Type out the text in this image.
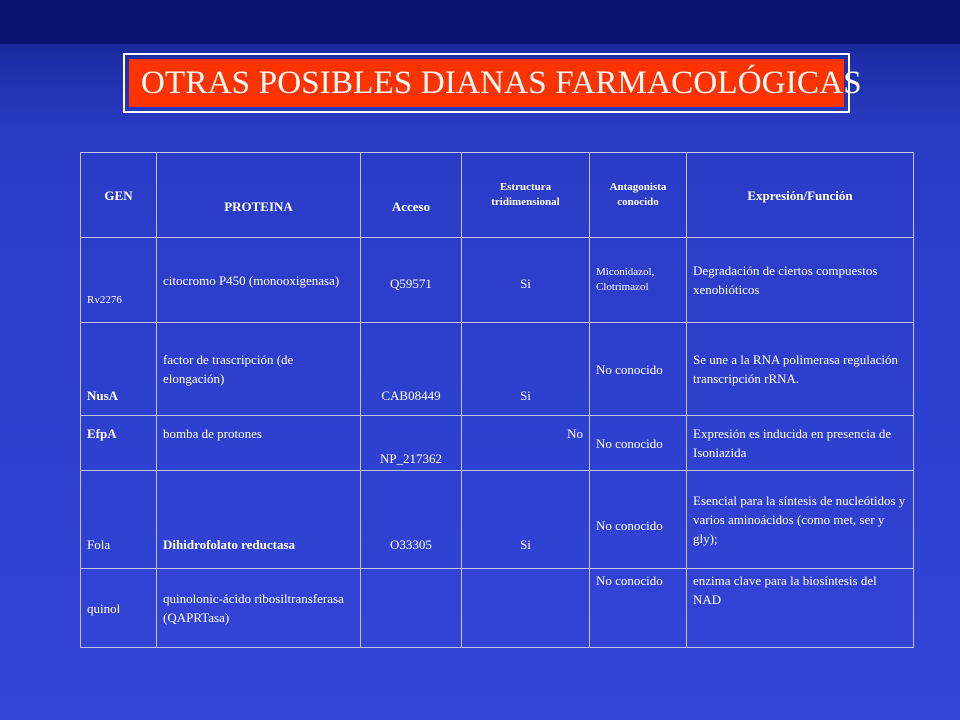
OTRAS POSIBLES DIANAS FARMACOLÓGICAS
GEN	PROTEINA	Acceso	Estructura tridimensional	Antagonista conocido	Expresión/Función
Rv2276	citocromo P450 (monooxigenasa)	Q59571	Si	Miconidazol, Clotrimazol	Degradación de ciertos compuestos xenobióticos
NusA	factor de trascripción (de elongación)	CAB08449	Si	No conocido	Se une a la RNA polimerasa regulación transcripción rRNA.
EfpA	bomba de protones	NP_217362	No	No conocido	Expresión es inducida en presencia de Isoniazida
Fola	Dihidrofolato reductasa	O33305	Si	No conocido	Esencial para la síntesis de nucleótidos y varios aminoácidos (como met, ser y gly);
quinol	quinolonic-ácido ribosiltransferasa (QAPRTasa)			No conocido	enzima clave para la biosíntesis del NAD
